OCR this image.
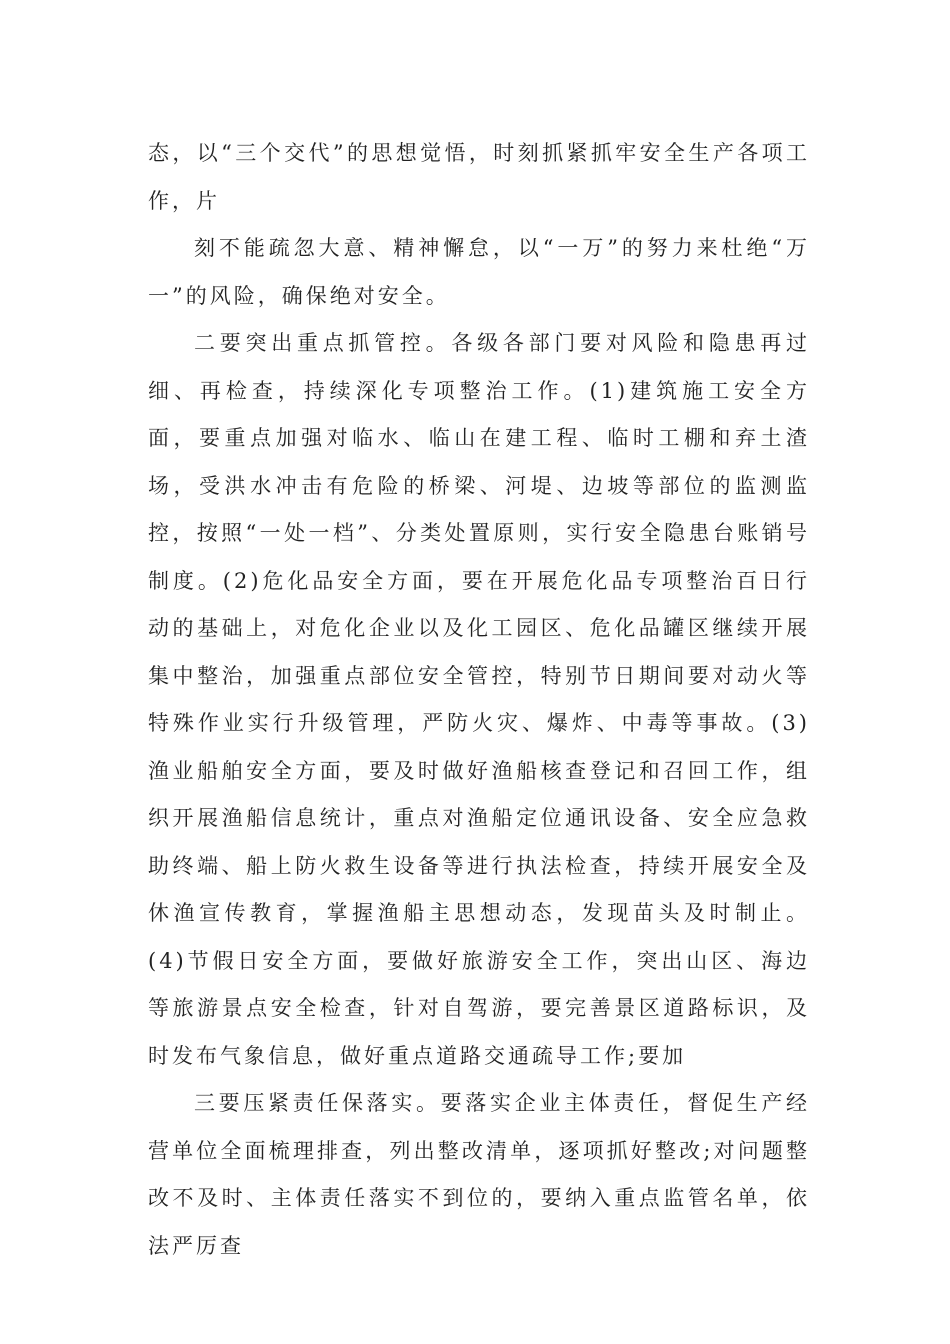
态，以“三个交代”的思想觉悟，时刻抓紧抓牢安全生产各项工作，片

刻不能疏忽大意、精神懈怠，以“一万”的努力来杜绝“万一”的风险，确保绝对安全。

二要突出重点抓管控。各级各部门要对风险和隐患再过细、再检查，持续深化专项整治工作。(1)建筑施工安全方面，要重点加强对临水、临山在建工程、临时工棚和弃土渣场，受洪水冲击有危险的桥梁、河堤、边坡等部位的监测监控，按照“一处一档”、分类处置原则，实行安全隐患台账销号制度。(2)危化品安全方面，要在开展危化品专项整治百日行动的基础上，对危化企业以及化工园区、危化品罐区继续开展集中整治，加强重点部位安全管控，特别节日期间要对动火等特殊作业实行升级管理，严防火灾、爆炸、中毒等事故。(3)渔业船舶安全方面，要及时做好渔船核查登记和召回工作，组织开展渔船信息统计，重点对渔船定位通讯设备、安全应急救助终端、船上防火救生设备等进行执法检查，持续开展安全及休渔宣传教育，掌握渔船主思想动态，发现苗头及时制止。(4)节假日安全方面，要做好旅游安全工作，突出山区、海边等旅游景点安全检查，针对自驾游，要完善景区道路标识，及时发布气象信息，做好重点道路交通疏导工作;要加

三要压紧责任保落实。要落实企业主体责任，督促生产经营单位全面梳理排查，列出整改清单，逐项抓好整改;对问题整改不及时、主体责任落实不到位的，要纳入重点监管名单，依法严厉查
